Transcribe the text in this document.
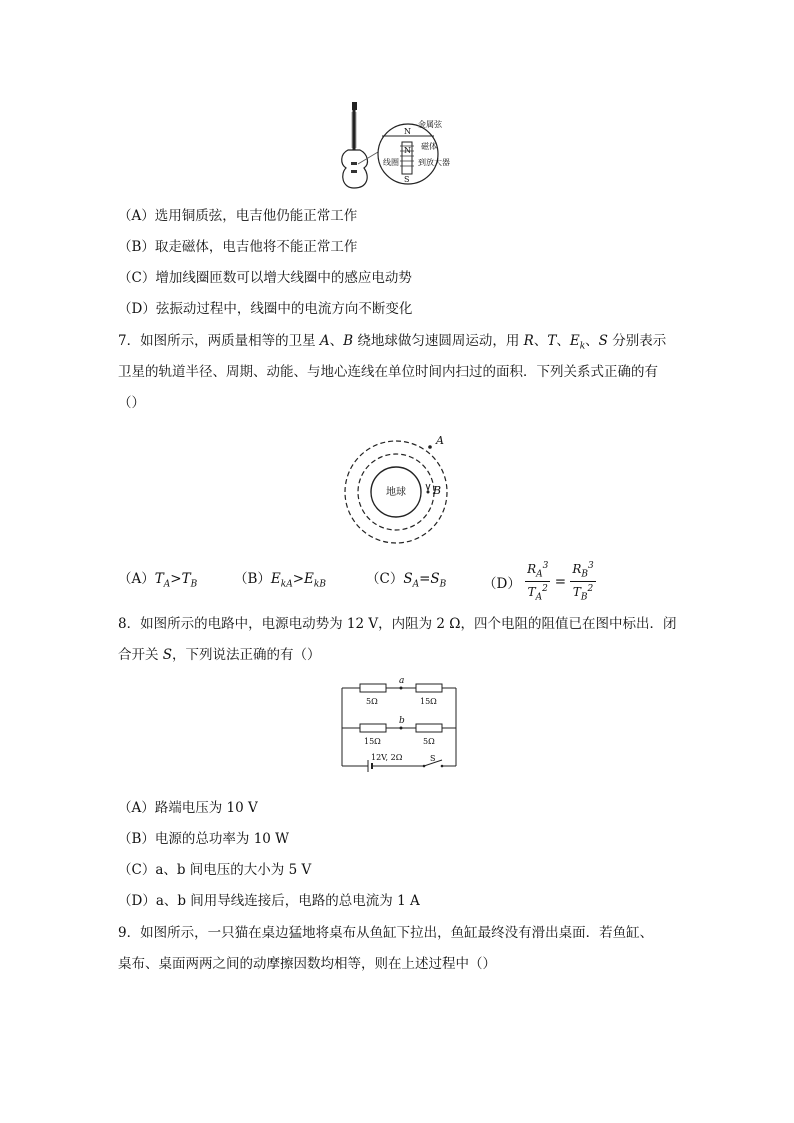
金属弦
N
磁体
N
线圈 到放大器
S
（A）选用铜质弦，电吉他仍能正常工作
（B）取走磁体，电吉他将不能正常工作
（C）增加线圈匝数可以增大线圈中的感应电动势
（D）弦振动过程中，线圈中的电流方向不断变化
7．如图所示，两质量相等的卫星 A、B 绕地球做匀速圆周运动，用 R、T、$E_k$、S 分别表示
卫星的轨道半径、周期、动能、与地心连线在单位时间内扫过的面积．下列关系式正确的有
（）
地球
A
B
$(A)T_A>T_B$	$(B)E_{kA}>E_{kB}$	$(C)S_A=S_B$	$(D) \frac{R_A^3}{T_A^2} = \frac{R_B^3}{T_B^2}$
8．如图所示的电路中，电源电动势为 12 V，内阻为 2 Ω，四个电阻的阻值已在图中标出．闭
合开关 S，下列说法正确的有（）
5Ω	15Ω
15Ω	5Ω
a
b
12V, 2Ω	S
（A）路端电压为 10 V
（B）电源的总功率为 10 W
（C）a、b 间电压的大小为 5 V
（D）a、b 间用导线连接后，电路的总电流为 1 A
9．如图所示，一只猫在桌边猛地将桌布从鱼缸下拉出，鱼缸最终没有滑出桌面．若鱼缸、
桌布、桌面两两之间的动摩擦因数均相等，则在上述过程中（）
